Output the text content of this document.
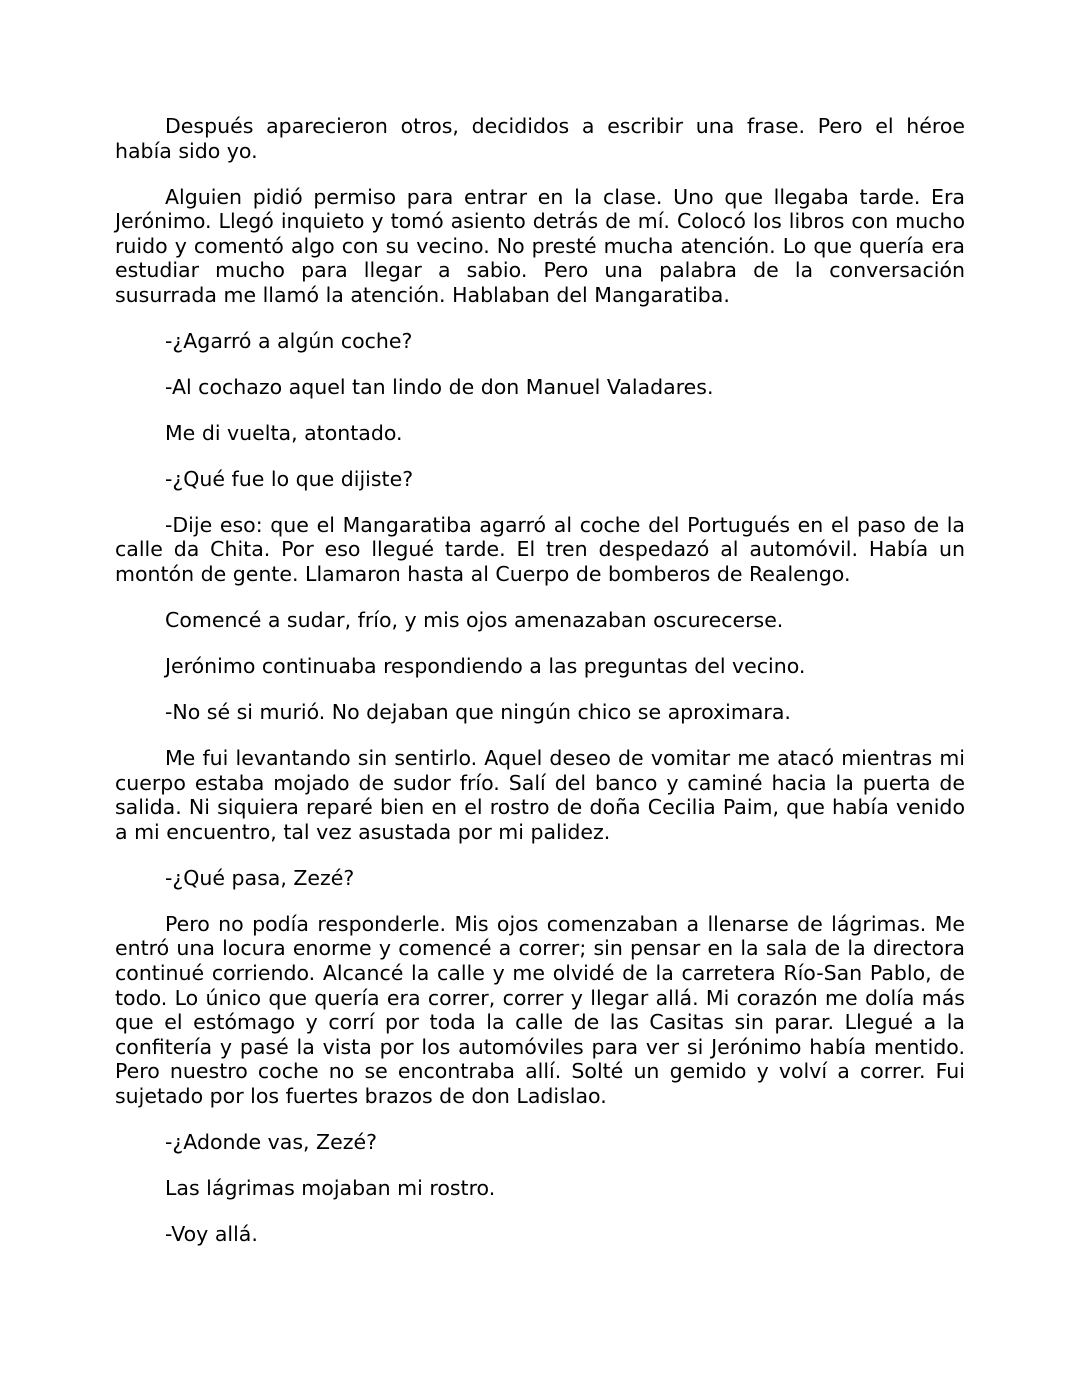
Después aparecieron otros, decididos a escribir una frase. Pero el héroe había sido yo.

Alguien pidió permiso para entrar en la clase. Uno que llegaba tarde. Era Jerónimo. Llegó inquieto y tomó asiento detrás de mí. Colocó los libros con mucho ruido y comentó algo con su vecino. No presté mucha atención. Lo que quería era estudiar mucho para llegar a sabio. Pero una palabra de la conversación susurrada me llamó la atención. Hablaban del Mangaratiba.

-¿Agarró a algún coche?

-Al cochazo aquel tan lindo de don Manuel Valadares.

Me di vuelta, atontado.

-¿Qué fue lo que dijiste?

-Dije eso: que el Mangaratiba agarró al coche del Portugués en el paso de la calle da Chita. Por eso llegué tarde. El tren despedazó al automóvil. Había un montón de gente. Llamaron hasta al Cuerpo de bomberos de Realengo.

Comencé a sudar, frío, y mis ojos amenazaban oscurecerse.

Jerónimo continuaba respondiendo a las preguntas del vecino.

-No sé si murió. No dejaban que ningún chico se aproximara.

Me fui levantando sin sentirlo. Aquel deseo de vomitar me atacó mientras mi cuerpo estaba mojado de sudor frío. Salí del banco y caminé hacia la puerta de salida. Ni siquiera reparé bien en el rostro de doña Cecilia Paim, que había venido a mi encuentro, tal vez asustada por mi palidez.

-¿Qué pasa, Zezé?

Pero no podía responderle. Mis ojos comenzaban a llenarse de lágrimas. Me entró una locura enorme y comencé a correr; sin pensar en la sala de la directora continué corriendo. Alcancé la calle y me olvidé de la carretera Río-San Pablo, de todo. Lo único que quería era correr, correr y llegar allá. Mi corazón me dolía más que el estómago y corrí por toda la calle de las Casitas sin parar. Llegué a la confitería y pasé la vista por los automóviles para ver si Jerónimo había mentido. Pero nuestro coche no se encontraba allí. Solté un gemido y volví a correr. Fui sujetado por los fuertes brazos de don Ladislao.

-¿Adonde vas, Zezé?

Las lágrimas mojaban mi rostro.

-Voy allá.
